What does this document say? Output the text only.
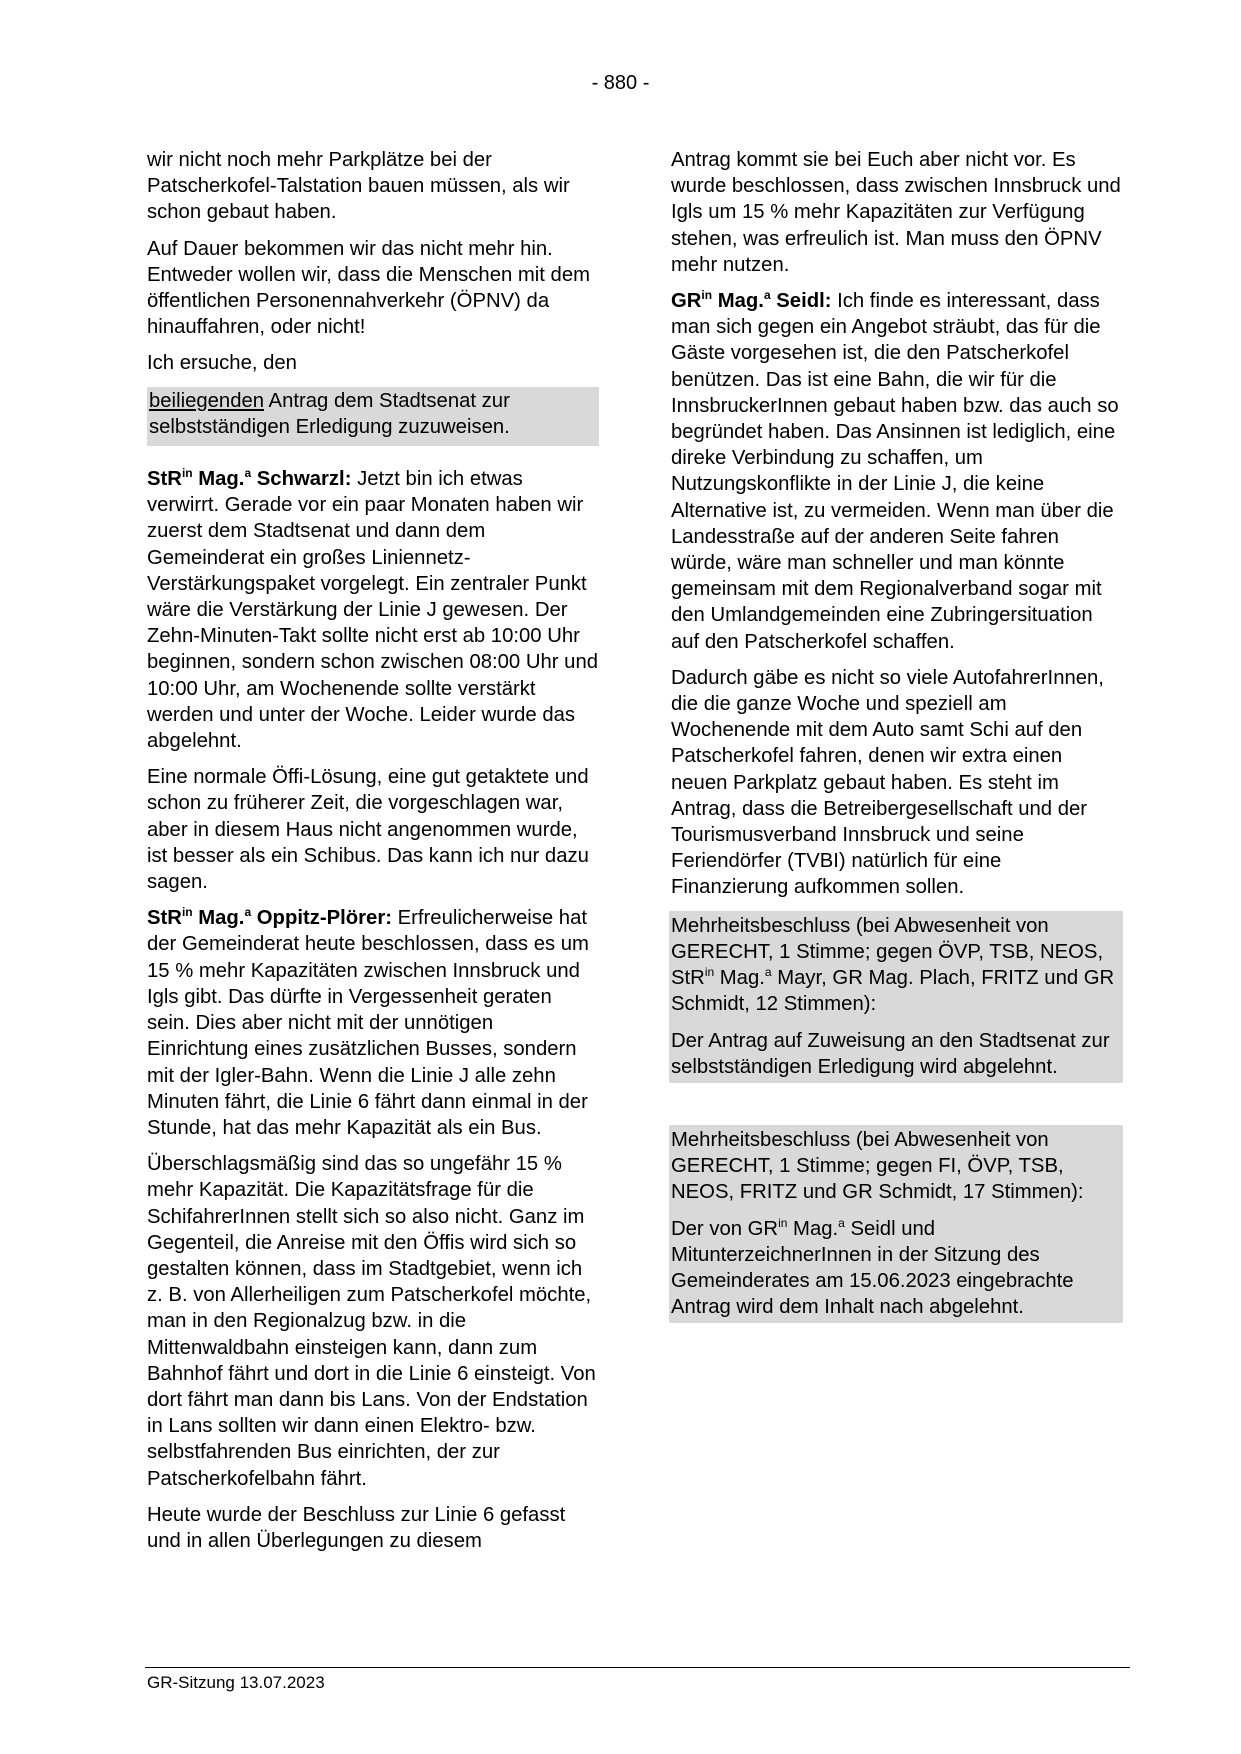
- 880 -

wir nicht noch mehr Parkplätze bei der Patscherkofel-Talstation bauen müssen, als wir schon gebaut haben.

Auf Dauer bekommen wir das nicht mehr hin. Entweder wollen wir, dass die Menschen mit dem öffentlichen Personennahverkehr (ÖPNV) da hinauffahren, oder nicht!

Ich ersuche, den

beiliegenden Antrag dem Stadtsenat zur selbstständigen Erledigung zuzuweisen.

StR$^{in}$ Mag.$^a$ Schwarzl: Jetzt bin ich etwas verwirrt. Gerade vor ein paar Monaten haben wir zuerst dem Stadtsenat und dann dem Gemeinderat ein großes Liniennetz-Verstärkungspaket vorgelegt. Ein zentraler Punkt wäre die Verstärkung der Linie J gewesen. Der Zehn-Minuten-Takt sollte nicht erst ab 10:00 Uhr beginnen, sondern schon zwischen 08:00 Uhr und 10:00 Uhr, am Wochenende sollte verstärkt werden und unter der Woche. Leider wurde das abgelehnt.

Eine normale Öffi-Lösung, eine gut getaktete und schon zu früherer Zeit, die vorgeschlagen war, aber in diesem Haus nicht angenommen wurde, ist besser als ein Schibus. Das kann ich nur dazu sagen.

StR$^{in}$ Mag.$^a$ Oppitz-Plörer: Erfreulicherweise hat der Gemeinderat heute beschlossen, dass es um 15 % mehr Kapazitäten zwischen Innsbruck und Igls gibt. Das dürfte in Vergessenheit geraten sein. Dies aber nicht mit der unnötigen Einrichtung eines zusätzlichen Busses, sondern mit der Igler-Bahn. Wenn die Linie J alle zehn Minuten fährt, die Linie 6 fährt dann einmal in der Stunde, hat das mehr Kapazität als ein Bus.

Überschlagsmäßig sind das so ungefähr 15 % mehr Kapazität. Die Kapazitätsfrage für die SchifahrerInnen stellt sich so also nicht. Ganz im Gegenteil, die Anreise mit den Öffis wird sich so gestalten können, dass im Stadtgebiet, wenn ich z. B. von Allerheiligen zum Patscherkofel möchte, man in den Regionalzug bzw. in die Mittenwaldbahn einsteigen kann, dann zum Bahnhof fährt und dort in die Linie 6 einsteigt. Von dort fährt man dann bis Lans. Von der Endstation in Lans sollten wir dann einen Elektro- bzw. selbstfahrenden Bus einrichten, der zur Patscherkofelbahn fährt.

Heute wurde der Beschluss zur Linie 6 gefasst und in allen Überlegungen zu diesem

Antrag kommt sie bei Euch aber nicht vor. Es wurde beschlossen, dass zwischen Innsbruck und Igls um 15 % mehr Kapazitäten zur Verfügung stehen, was erfreulich ist. Man muss den ÖPNV mehr nutzen.

$GR^{in}$ Mag.$^a$ Seidl: Ich finde es interessant, dass man sich gegen ein Angebot sträubt, das für die Gäste vorgesehen ist, die den Patscherkofel benützen. Das ist eine Bahn, die wir für die InnsbruckerInnen gebaut haben bzw. das auch so begründet haben. Das Ansinnen ist lediglich, eine direke Verbindung zu schaffen, um Nutzungskonflikte in der Linie J, die keine Alternative ist, zu vermeiden. Wenn man über die Landesstraße auf der anderen Seite fahren würde, wäre man schneller und man könnte gemeinsam mit dem Regionalverband sogar mit den Umlandgemeinden eine Zubringersituation auf den Patscherkofel schaffen.

Dadurch gäbe es nicht so viele AutofahrerInnen, die die ganze Woche und speziell am Wochenende mit dem Auto samt Schi auf den Patscherkofel fahren, denen wir extra einen neuen Parkplatz gebaut haben. Es steht im Antrag, dass die Betreibergesellschaft und der Tourismusverband Innsbruck und seine Feriendörfer (TVBI) natürlich für eine Finanzierung aufkommen sollen.

Mehrheitsbeschluss (bei Abwesenheit von GERECHT, 1 Stimme; gegen ÖVP, TSB, NEOS, StR$^{in}$ Mag.$^a$ Mayr, GR Mag. Plach, FRITZ und GR Schmidt, 12 Stimmen):

Der Antrag auf Zuweisung an den Stadtsenat zur selbstständigen Erledigung wird abgelehnt.

Mehrheitsbeschluss (bei Abwesenheit von GERECHT, 1 Stimme; gegen FI, ÖVP, TSB, NEOS, FRITZ und GR Schmidt, 17 Stimmen):

Der von $GR^{in}$ Mag.$^a$ Seidl und MitunterzeichnerInnen in der Sitzung des Gemeinderates am 15.06.2023 eingebrachte Antrag wird dem Inhalt nach abgelehnt.

GR-Sitzung 13.07.2023
